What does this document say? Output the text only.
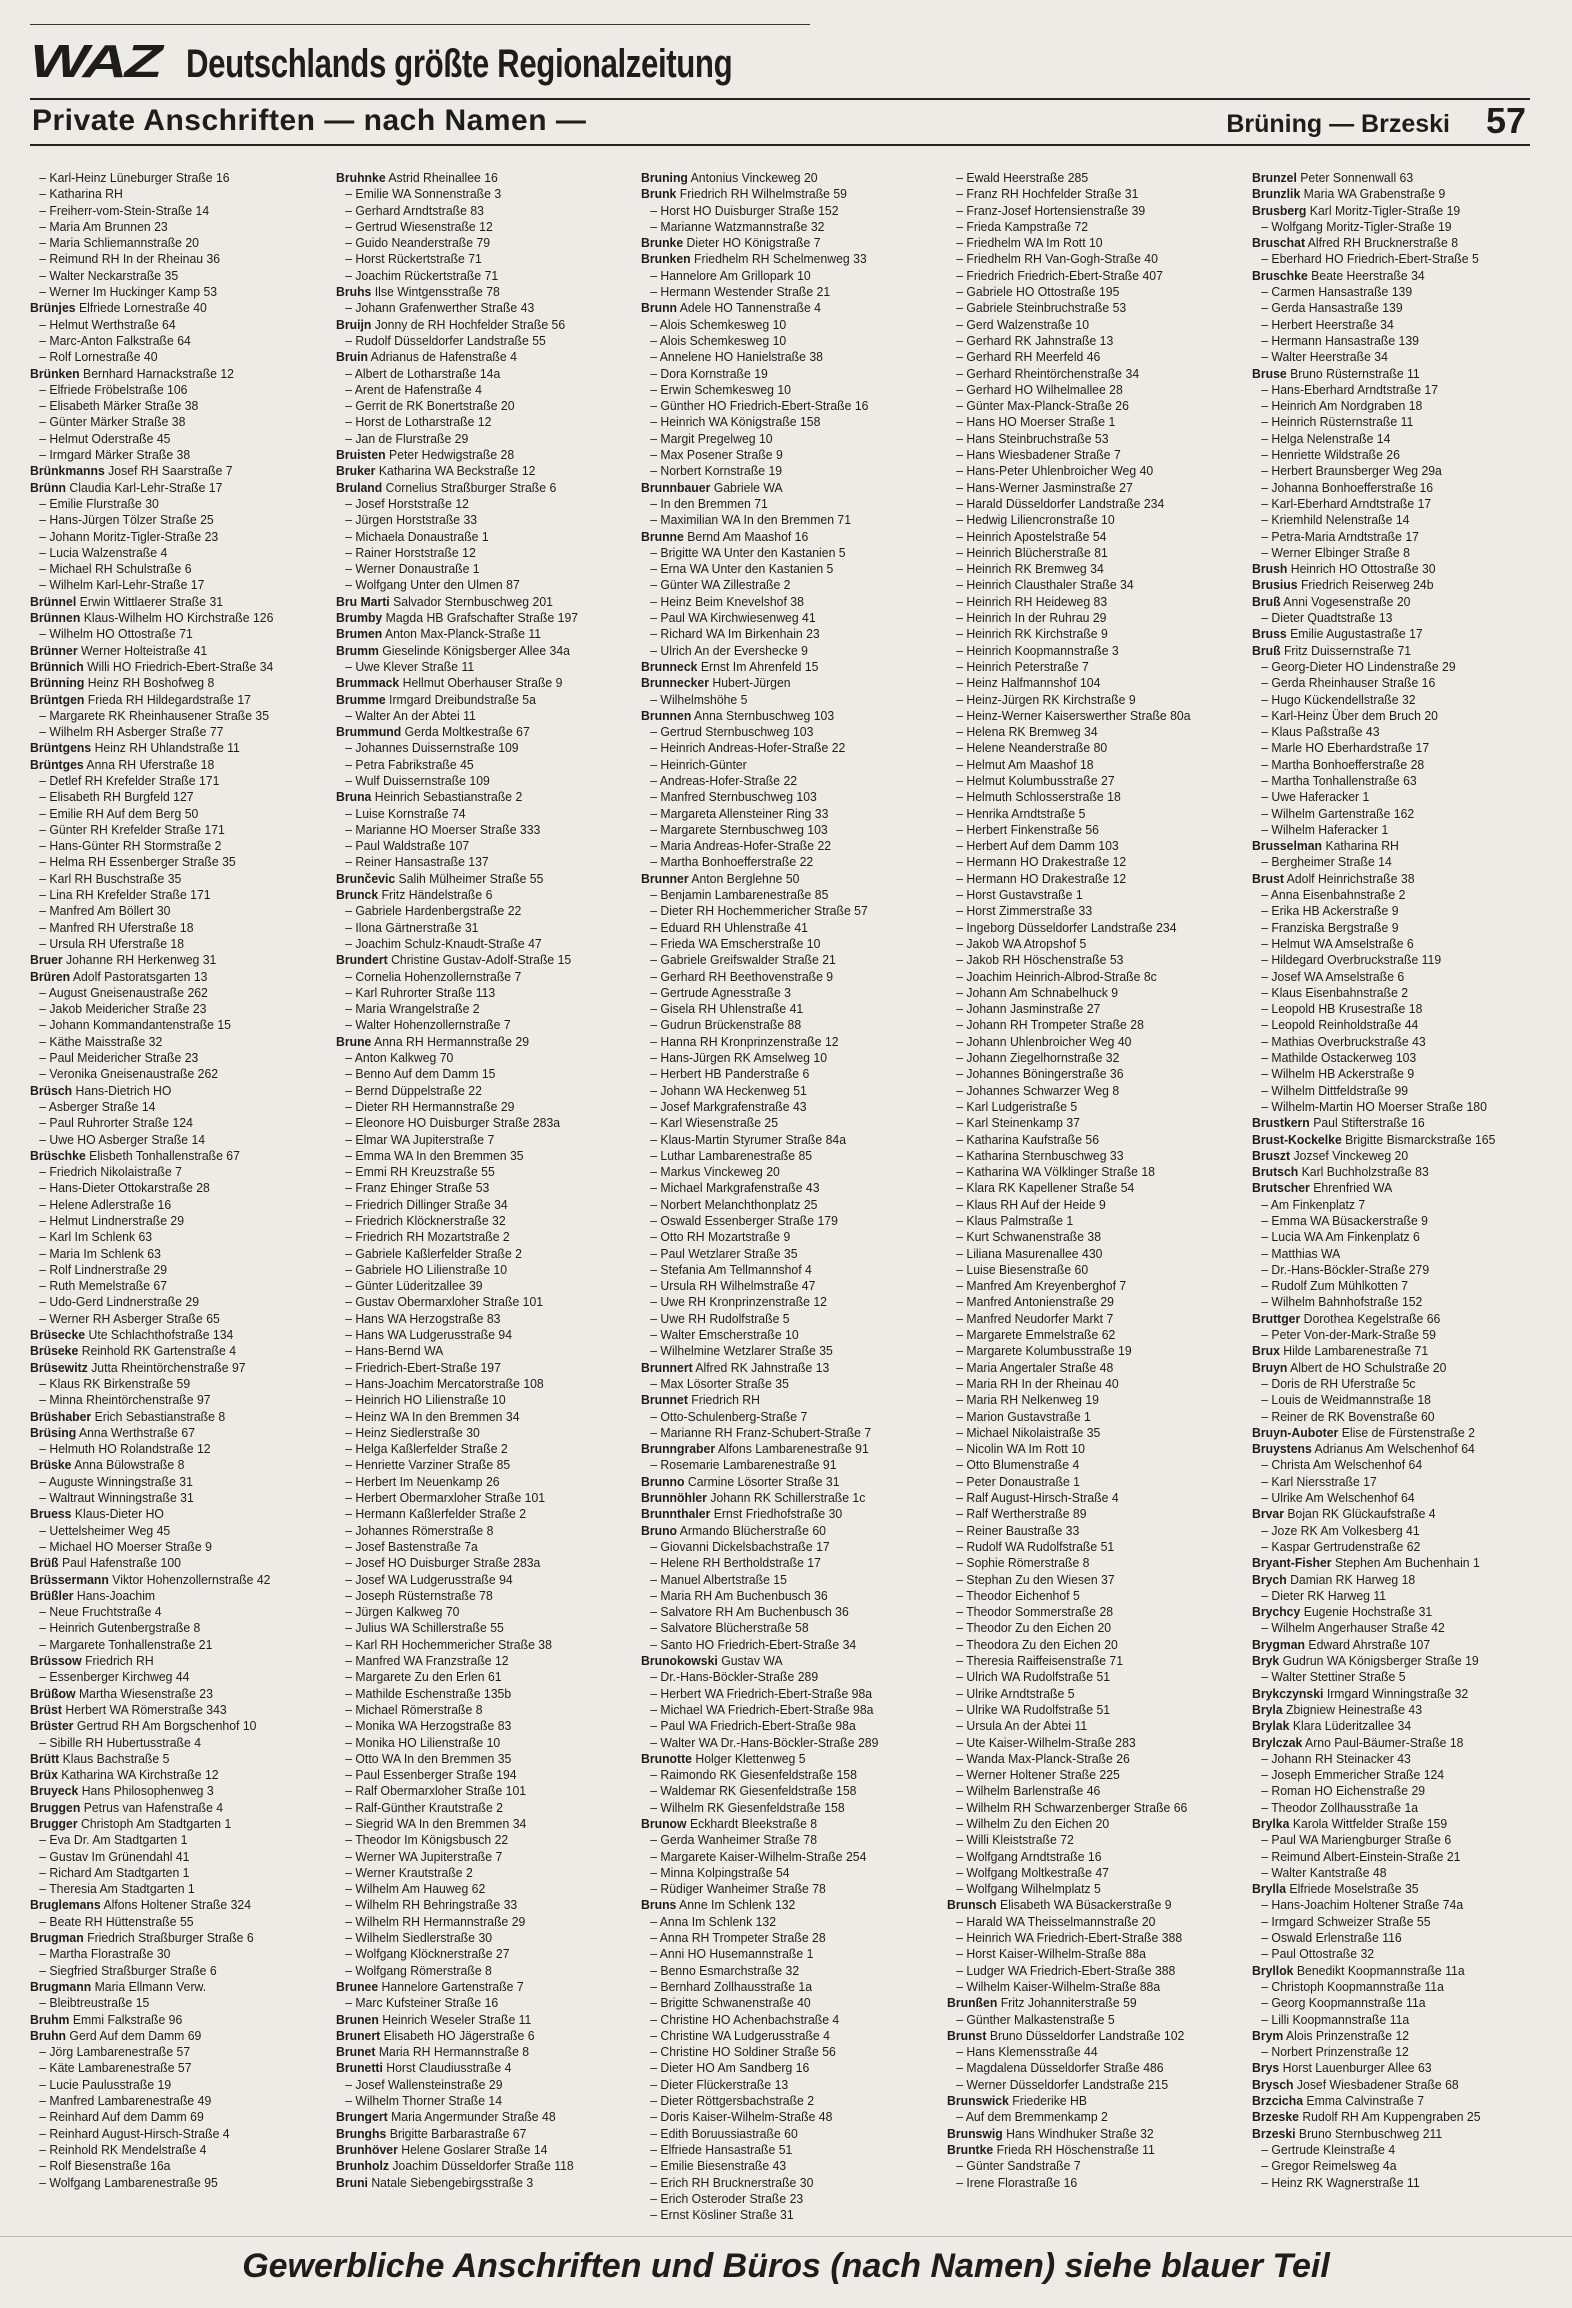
WAZ Deutschlands größte Regionalzeitung
Private Anschriften — nach Namen —	Brüning — Brzeski 57
– Karl-Heinz Lüneburger Straße 16
– Katharina RH
– Freiherr-vom-Stein-Straße 14
– Maria Am Brunnen 23
– Maria Schliemannstraße 20
– Reimund RH In der Rheinau 36
– Walter Neckarstraße 35
– Werner Im Huckinger Kamp 53
Brünjes Elfriede Lornestraße 40
– Helmut Werthstraße 64
– Marc-Anton Falkstraße 64
– Rolf Lornestraße 40
Brünken Bernhard Harnackstraße 12
– Elfriede Fröbelstraße 106
– Elisabeth Märker Straße 38
– Günter Märker Straße 38
– Helmut Oderstraße 45
– Irmgard Märker Straße 38
Brünkmanns Josef RH Saarstraße 7
Brünn Claudia Karl-Lehr-Straße 17
– Emilie Flurstraße 30
– Hans-Jürgen Tölzer Straße 25
– Johann Moritz-Tigler-Straße 23
– Lucia Walzenstraße 4
– Michael RH Schulstraße 6
– Wilhelm Karl-Lehr-Straße 17
Brünnel Erwin Wittlaerer Straße 31
Brünnen Klaus-Wilhelm HO Kirchstraße 126
– Wilhelm HO Ottostraße 71
Brünner Werner Holteistraße 41
Brünnich Willi HO Friedrich-Ebert-Straße 34
Brünning Heinz RH Boshofweg 8
Brüntgen Frieda RH Hildegardstraße 17
– Margarete RK Rheinhausener Straße 35
– Wilhelm RH Asberger Straße 77
Brüntgens Heinz RH Uhlandstraße 11
Brüntges Anna RH Uferstraße 18
– Detlef RH Krefelder Straße 171
– Elisabeth RH Burgfeld 127
– Emilie RH Auf dem Berg 50
– Günter RH Krefelder Straße 171
– Hans-Günter RH Stormstraße 2
– Helma RH Essenberger Straße 35
– Karl RH Buschstraße 35
– Lina RH Krefelder Straße 171
– Manfred Am Böllert 30
– Manfred RH Uferstraße 18
– Ursula RH Uferstraße 18
Bruer Johanne RH Herkenweg 31
Brüren Adolf Pastoratsgarten 13
– August Gneisenaustraße 262
– Jakob Meidericher Straße 23
– Johann Kommandantenstraße 15
– Käthe Maisstraße 32
– Paul Meidericher Straße 23
– Veronika Gneisenaustraße 262
Brüsch Hans-Dietrich HO
– Asberger Straße 14
– Paul Ruhrorter Straße 124
– Uwe HO Asberger Straße 14
Brüschke Elisbeth Tonhallenstraße 67
– Friedrich Nikolaistraße 7
– Hans-Dieter Ottokarstraße 28
– Helene Adlerstraße 16
– Helmut Lindnerstraße 29
– Karl Im Schlenk 63
– Maria Im Schlenk 63
– Rolf Lindnerstraße 29
– Ruth Memelstraße 67
– Udo-Gerd Lindnerstraße 29
– Werner RH Asberger Straße 65
Brüsecke Ute Schlachthofstraße 134
Brüseke Reinhold RK Gartenstraße 4
Brüsewitz Jutta Rheintörchenstraße 97
– Klaus RK Birkenstraße 59
– Minna Rheintörchenstraße 97
Brüshaber Erich Sebastianstraße 8
Brüsing Anna Werthstraße 67
– Helmuth HO Rolandstraße 12
Brüske Anna Bülowstraße 8
– Auguste Winningstraße 31
– Waltraut Winningstraße 31
Bruess Klaus-Dieter HO
– Uettelsheimer Weg 45
– Michael HO Moerser Straße 9
Brüß Paul Hafenstraße 100
Brüssermann Viktor Hohenzollernstraße 42
Brüßler Hans-Joachim
– Neue Fruchtstraße 4
– Heinrich Gutenbergstraße 8
– Margarete Tonhallenstraße 21
Brüssow Friedrich RH
– Essenberger Kirchweg 44
Brüßow Martha Wiesenstraße 23
Brüst Herbert WA Römerstraße 343
Brüster Gertrud RH Am Borgschenhof 10
– Sibille RH Hubertusstraße 4
Brütt Klaus Bachstraße 5
Brüx Katharina WA Kirchstraße 12
Bruyeck Hans Philosophenweg 3
Bruggen Petrus van Hafenstraße 4
Brugger Christoph Am Stadtgarten 1
– Eva Dr. Am Stadtgarten 1
– Gustav Im Grünendahl 41
– Richard Am Stadtgarten 1
– Theresia Am Stadtgarten 1
Bruglemans Alfons Holtener Straße 324
– Beate RH Hüttenstraße 55
Brugman Friedrich Straßburger Straße 6
– Martha Florastraße 30
– Siegfried Straßburger Straße 6
Brugmann Maria Ellmann Verw.
– Bleibtreustraße 15
Bruhm Emmi Falkstraße 96
Bruhn Gerd Auf dem Damm 69
– Jörg Lambarenestraße 57
– Käte Lambarenestraße 57
– Lucie Paulusstraße 19
– Manfred Lambarenestraße 49
– Reinhard Auf dem Damm 69
– Reinhard August-Hirsch-Straße 4
– Reinhold RK Mendelstraße 4
– Rolf Biesenstraße 16a
– Wolfgang Lambarenestraße 95
Bruhnke Astrid Rheinallee 16
– Emilie WA Sonnenstraße 3
– Gerhard Arndtstraße 83
– Gertrud Wiesenstraße 12
– Guido Neanderstraße 79
– Horst Rückertstraße 71
– Joachim Rückertstraße 71
Bruhs Ilse Wintgensstraße 78
– Johann Grafenwerther Straße 43
Bruijn Jonny de RH Hochfelder Straße 56
– Rudolf Düsseldorfer Landstraße 55
Bruin Adrianus de Hafenstraße 4
– Albert de Lotharstraße 14a
– Arent de Hafenstraße 4
– Gerrit de RK Bonertstraße 20
– Horst de Lotharstraße 12
– Jan de Flurstraße 29
Bruisten Peter Hedwigstraße 28
Bruker Katharina WA Beckstraße 12
Bruland Cornelius Straßburger Straße 6
– Josef Horststraße 12
– Jürgen Horststraße 33
– Michaela Donaustraße 1
– Rainer Horststraße 12
– Werner Donaustraße 1
– Wolfgang Unter den Ulmen 87
Bru Marti Salvador Sternbuschweg 201
Brumby Magda HB Grafschafter Straße 197
Brumen Anton Max-Planck-Straße 11
Brumm Gieselinde Königsberger Allee 34a
– Uwe Klever Straße 11
Brummack Hellmut Oberhauser Straße 9
Brumme Irmgard Dreibundstraße 5a
– Walter An der Abtei 11
Brummund Gerda Moltkestraße 67
– Johannes Duissernstraße 109
– Petra Fabrikstraße 45
– Wulf Duissernstraße 109
Bruna Heinrich Sebastianstraße 2
– Luise Kornstraße 74
– Marianne HO Moerser Straße 333
– Paul Waldstraße 107
– Reiner Hansastraße 137
Brunčevic Salih Mülheimer Straße 55
Brunck Fritz Händelstraße 6
– Gabriele Hardenbergstraße 22
– Ilona Gärtnerstraße 31
– Joachim Schulz-Knaudt-Straße 47
Brundert Christine Gustav-Adolf-Straße 15
– Cornelia Hohenzollernstraße 7
– Karl Ruhrorter Straße 113
– Maria Wrangelstraße 2
– Walter Hohenzollernstraße 7
Brune Anna RH Hermannstraße 29
– Anton Kalkweg 70
– Benno Auf dem Damm 15
– Bernd Düppelstraße 22
– Dieter RH Hermannstraße 29
– Eleonore HO Duisburger Straße 283a
– Elmar WA Jupiterstraße 7
– Emma WA In den Bremmen 35
– Emmi RH Kreuzstraße 55
– Franz Ehinger Straße 53
– Friedrich Dillinger Straße 34
– Friedrich Klöcknerstraße 32
– Friedrich RH Mozartstraße 2
– Gabriele Kaßlerfelder Straße 2
– Gabriele HO Lilienstraße 10
– Günter Lüderitzallee 39
– Gustav Obermarxloher Straße 101
– Hans WA Herzogstraße 83
– Hans WA Ludgerusstraße 94
– Hans-Bernd WA
– Friedrich-Ebert-Straße 197
– Hans-Joachim Mercatorstraße 108
– Heinrich HO Lilienstraße 10
– Heinz WA In den Bremmen 34
– Heinz Siedlerstraße 30
– Helga Kaßlerfelder Straße 2
– Henriette Varziner Straße 85
– Herbert Im Neuenkamp 26
– Herbert Obermarxloher Straße 101
– Hermann Kaßlerfelder Straße 2
– Johannes Römerstraße 8
– Josef Bastenstraße 7a
– Josef HO Duisburger Straße 283a
– Josef WA Ludgerusstraße 94
– Joseph Rüsternstraße 78
– Jürgen Kalkweg 70
– Julius WA Schillerstraße 55
– Karl RH Hochemmericher Straße 38
– Manfred WA Franzstraße 12
– Margarete Zu den Erlen 61
– Mathilde Eschenstraße 135b
– Michael Römerstraße 8
– Monika WA Herzogstraße 83
– Monika HO Lilienstraße 10
– Otto WA In den Bremmen 35
– Paul Essenberger Straße 194
– Ralf Obermarxloher Straße 101
– Ralf-Günther Krautstraße 2
– Siegrid WA In den Bremmen 34
– Theodor Im Königsbusch 22
– Werner WA Jupiterstraße 7
– Werner Krautstraße 2
– Wilhelm Am Hauweg 62
– Wilhelm RH Behringstraße 33
– Wilhelm RH Hermannstraße 29
– Wilhelm Siedlerstraße 30
– Wolfgang Klöcknerstraße 27
– Wolfgang Römerstraße 8
Brunee Hannelore Gartenstraße 7
– Marc Kufsteiner Straße 16
Brunen Heinrich Weseler Straße 11
Brunert Elisabeth HO Jägerstraße 6
Brunet Maria RH Hermannstraße 8
Brunetti Horst Claudiusstraße 4
– Josef Wallensteinstraße 29
– Wilhelm Thorner Straße 14
Brungert Maria Angermunder Straße 48
Brunghs Brigitte Barbarastraße 67
Brunhöver Helene Goslarer Straße 14
Brunholz Joachim Düsseldorfer Straße 118
Bruni Natale Siebengebirgsstraße 3
Bruning Antonius Vinckeweg 20
Brunk Friedrich RH Wilhelmstraße 59
– Horst HO Duisburger Straße 152
– Marianne Watzmannstraße 32
Brunke Dieter HO Königstraße 7
Brunken Friedhelm RH Schelmenweg 33
– Hannelore Am Grillopark 10
– Hermann Westender Straße 21
Brunn Adele HO Tannenstraße 4
– Alois Schemkesweg 10
– Alois Schemkesweg 10
– Annelene HO Hanielstraße 38
– Dora Kornstraße 19
– Erwin Schemkesweg 10
– Günther HO Friedrich-Ebert-Straße 16
– Heinrich WA Königstraße 158
– Margit Pregelweg 10
– Max Posener Straße 9
– Norbert Kornstraße 19
Brunnbauer Gabriele WA
– In den Bremmen 71
– Maximilian WA In den Bremmen 71
Brunne Bernd Am Maashof 16
– Brigitte WA Unter den Kastanien 5
– Erna WA Unter den Kastanien 5
– Günter WA Zillestraße 2
– Heinz Beim Knevelshof 38
– Paul WA Kirchwiesenweg 41
– Richard WA Im Birkenhain 23
– Ulrich An der Evershecke 9
Brunneck Ernst Im Ahrenfeld 15
Brunnecker Hubert-Jürgen
– Wilhelmshöhe 5
Brunnen Anna Sternbuschweg 103
– Gertrud Sternbuschweg 103
– Heinrich Andreas-Hofer-Straße 22
– Heinrich-Günter
– Andreas-Hofer-Straße 22
– Manfred Sternbuschweg 103
– Margareta Allensteiner Ring 33
– Margarete Sternbuschweg 103
– Maria Andreas-Hofer-Straße 22
– Martha Bonhoefferstraße 22
Brunner Anton Berglehne 50
– Benjamin Lambarenestraße 85
– Dieter RH Hochemmericher Straße 57
– Eduard RH Uhlenstraße 41
– Frieda WA Emscherstraße 10
– Gabriele Greifswalder Straße 21
– Gerhard RH Beethovenstraße 9
– Gertrude Agnesstraße 3
– Gisela RH Uhlenstraße 41
– Gudrun Brückenstraße 88
– Hanna RH Kronprinzenstraße 12
– Hans-Jürgen RK Amselweg 10
– Herbert HB Panderstraße 6
– Johann WA Heckenweg 51
– Josef Markgrafenstraße 43
– Karl Wiesenstraße 25
– Klaus-Martin Styrumer Straße 84a
– Luthar Lambarenestraße 85
– Markus Vinckeweg 20
– Michael Markgrafenstraße 43
– Norbert Melanchthonplatz 25
– Oswald Essenberger Straße 179
– Otto RH Mozartstraße 9
– Paul Wetzlarer Straße 35
– Stefania Am Tellmannshof 4
– Ursula RH Wilhelmstraße 47
– Uwe RH Kronprinzenstraße 12
– Uwe RH Rudolfstraße 5
– Walter Emscherstraße 10
– Wilhelmine Wetzlarer Straße 35
Brunnert Alfred RK Jahnstraße 13
– Max Lösorter Straße 35
Brunnet Friedrich RH
– Otto-Schulenberg-Straße 7
– Marianne RH Franz-Schubert-Straße 7
Brunngraber Alfons Lambarenestraße 91
– Rosemarie Lambarenestraße 91
Brunno Carmine Lösorter Straße 31
Brunnöhler Johann RK Schillerstraße 1c
Brunnthaler Ernst Friedhofstraße 30
Bruno Armando Blücherstraße 60
– Giovanni Dickelsbachstraße 17
– Helene RH Bertholdstraße 17
– Manuel Albertstraße 15
– Maria RH Am Buchenbusch 36
– Salvatore RH Am Buchenbusch 36
– Salvatore Blücherstraße 58
– Santo HO Friedrich-Ebert-Straße 34
Brunokowski Gustav WA
– Dr.-Hans-Böckler-Straße 289
– Herbert WA Friedrich-Ebert-Straße 98a
– Michael WA Friedrich-Ebert-Straße 98a
– Paul WA Friedrich-Ebert-Straße 98a
– Walter WA Dr.-Hans-Böckler-Straße 289
Brunotte Holger Klettenweg 5
– Raimondo RK Giesenfeldstraße 158
– Waldemar RK Giesenfeldstraße 158
– Wilhelm RK Giesenfeldstraße 158
Brunow Eckhardt Bleekstraße 8
– Gerda Wanheimer Straße 78
– Margarete Kaiser-Wilhelm-Straße 254
– Minna Kolpingstraße 54
– Rüdiger Wanheimer Straße 78
Bruns Anne Im Schlenk 132
– Anna Im Schlenk 132
– Anna RH Trompeter Straße 28
– Anni HO Husemannstraße 1
– Benno Esmarchstraße 32
– Bernhard Zollhausstraße 1a
– Brigitte Schwanenstraße 40
– Christine HO Achenbachstraße 4
– Christine WA Ludgerusstraße 4
– Christine HO Soldiner Straße 56
– Dieter HO Am Sandberg 16
– Dieter Flückerstraße 13
– Dieter Röttgersbachstraße 2
– Doris Kaiser-Wilhelm-Straße 48
– Edith Boruussiastraße 60
– Elfriede Hansastraße 51
– Emilie Biesenstraße 43
– Erich RH Brucknerstraße 30
– Erich Osteroder Straße 23
– Ernst Kösliner Straße 31
– Ewald Heerstraße 285
– Franz RH Hochfelder Straße 31
– Franz-Josef Hortensienstraße 39
– Frieda Kampstraße 72
– Friedhelm WA Im Rott 10
– Friedhelm RH Van-Gogh-Straße 40
– Friedrich Friedrich-Ebert-Straße 407
– Gabriele HO Ottostraße 195
– Gabriele Steinbruchstraße 53
– Gerd Walzenstraße 10
– Gerhard RK Jahnstraße 13
– Gerhard RH Meerfeld 46
– Gerhard Rheintörchenstraße 34
– Gerhard HO Wilhelmallee 28
– Günter Max-Planck-Straße 26
– Hans HO Moerser Straße 1
– Hans Steinbruchstraße 53
– Hans Wiesbadener Straße 7
– Hans-Peter Uhlenbroicher Weg 40
– Hans-Werner Jasminstraße 27
– Harald Düsseldorfer Landstraße 234
– Hedwig Liliencronstraße 10
– Heinrich Apostelstraße 54
– Heinrich Blücherstraße 81
– Heinrich RK Bremweg 34
– Heinrich Clausthaler Straße 34
– Heinrich RH Heideweg 83
– Heinrich In der Ruhrau 29
– Heinrich RK Kirchstraße 9
– Heinrich Koopmannstraße 3
– Heinrich Peterstraße 7
– Heinz Halfmannshof 104
– Heinz-Jürgen RK Kirchstraße 9
– Heinz-Werner Kaiserswerther Straße 80a
– Helena RK Bremweg 34
– Helene Neanderstraße 80
– Helmut Am Maashof 18
– Helmut Kolumbusstraße 27
– Helmuth Schlosserstraße 18
– Henrika Arndtstraße 5
– Herbert Finkenstraße 56
– Herbert Auf dem Damm 103
– Hermann HO Drakestraße 12
– Hermann HO Drakestraße 12
– Horst Gustavstraße 1
– Horst Zimmerstraße 33
– Ingeborg Düsseldorfer Landstraße 234
– Jakob WA Atropshof 5
– Jakob RH Höschenstraße 53
– Joachim Heinrich-Albrod-Straße 8c
– Johann Am Schnabelhuck 9
– Johann Jasminstraße 27
– Johann RH Trompeter Straße 28
– Johann Uhlenbroicher Weg 40
– Johann Ziegelhornstraße 32
– Johannes Böningerstraße 36
– Johannes Schwarzer Weg 8
– Karl Ludgeristraße 5
– Karl Steinenkamp 37
– Katharina Kaufstraße 56
– Katharina Sternbuschweg 33
– Katharina WA Völklinger Straße 18
– Klara RK Kapellener Straße 54
– Klaus RH Auf der Heide 9
– Klaus Palmstraße 1
– Kurt Schwanenstraße 38
– Liliana Masurenallee 430
– Luise Biesenstraße 60
– Manfred Am Kreyenberghof 7
– Manfred Antonienstraße 29
– Manfred Neudorfer Markt 7
– Margarete Emmelstraße 62
– Margarete Kolumbusstraße 19
– Maria Angertaler Straße 48
– Maria RH In der Rheinau 40
– Maria RH Nelkenweg 19
– Marion Gustavstraße 1
– Michael Nikolaistraße 35
– Nicolin WA Im Rott 10
– Otto Blumenstraße 4
– Peter Donaustraße 1
– Ralf August-Hirsch-Straße 4
– Ralf Wertherstraße 89
– Reiner Baustraße 33
– Rudolf WA Rudolfstraße 51
– Sophie Römerstraße 8
– Stephan Zu den Wiesen 37
– Theodor Eichenhof 5
– Theodor Sommerstraße 28
– Theodor Zu den Eichen 20
– Theodora Zu den Eichen 20
– Theresia Raiffeisenstraße 71
– Ulrich WA Rudolfstraße 51
– Ulrike Arndtstraße 5
– Ulrike WA Rudolfstraße 51
– Ursula An der Abtei 11
– Ute Kaiser-Wilhelm-Straße 283
– Wanda Max-Planck-Straße 26
– Werner Holtener Straße 225
– Wilhelm Barlenstraße 46
– Wilhelm RH Schwarzenberger Straße 66
– Wilhelm Zu den Eichen 20
– Willi Kleiststraße 72
– Wolfgang Arndtstraße 16
– Wolfgang Moltkestraße 47
– Wolfgang Wilhelmplatz 5
Brunsch Elisabeth WA Büsackerstraße 9
– Harald WA Theisselmannstraße 20
– Heinrich WA Friedrich-Ebert-Straße 388
– Horst Kaiser-Wilhelm-Straße 88a
– Ludger WA Friedrich-Ebert-Straße 388
– Wilhelm Kaiser-Wilhelm-Straße 88a
Brunßen Fritz Johanniterstraße 59
– Günther Malkastenstraße 5
Brunst Bruno Düsseldorfer Landstraße 102
– Hans Klemensstraße 44
– Magdalena Düsseldorfer Straße 486
– Werner Düsseldorfer Landstraße 215
Brunswick Friederike HB
– Auf dem Bremmenkamp 2
Brunswig Hans Windhuker Straße 32
Bruntke Frieda RH Höschenstraße 11
– Günter Sandstraße 7
– Irene Florastraße 16
Brunzel Peter Sonnenwall 63
Brunzlik Maria WA Grabenstraße 9
Brusberg Karl Moritz-Tigler-Straße 19
– Wolfgang Moritz-Tigler-Straße 19
Bruschat Alfred RH Brucknerstraße 8
– Eberhard HO Friedrich-Ebert-Straße 5
Bruschke Beate Heerstraße 34
– Carmen Hansastraße 139
– Gerda Hansastraße 139
– Herbert Heerstraße 34
– Hermann Hansastraße 139
– Walter Heerstraße 34
Bruse Bruno Rüsternstraße 11
– Hans-Eberhard Arndtstraße 17
– Heinrich Am Nordgraben 18
– Heinrich Rüsternstraße 11
– Helga Nelenstraße 14
– Henriette Wildstraße 26
– Herbert Braunsberger Weg 29a
– Johanna Bonhoefferstraße 16
– Karl-Eberhard Arndtstraße 17
– Kriemhild Nelenstraße 14
– Petra-Maria Arndtstraße 17
– Werner Elbinger Straße 8
Brush Heinrich HO Ottostraße 30
Brusius Friedrich Reiserweg 24b
Bruß Anni Vogesenstraße 20
– Dieter Quadtstraße 13
Bruss Emilie Augustastraße 17
Bruß Fritz Duissernstraße 71
– Georg-Dieter HO Lindenstraße 29
– Gerda Rheinhauser Straße 16
– Hugo Kückendellstraße 32
– Karl-Heinz Über dem Bruch 20
– Klaus Paßstraße 43
– Marle HO Eberhardstraße 17
– Martha Bonhoefferstraße 28
– Martha Tonhallenstraße 63
– Uwe Haferacker 1
– Wilhelm Gartenstraße 162
– Wilhelm Haferacker 1
Brusselman Katharina RH
– Bergheimer Straße 14
Brust Adolf Heinrichstraße 38
– Anna Eisenbahnstraße 2
– Erika HB Ackerstraße 9
– Franziska Bergstraße 9
– Helmut WA Amselstraße 6
– Hildegard Overbruckstraße 119
– Josef WA Amselstraße 6
– Klaus Eisenbahnstraße 2
– Leopold HB Krusestraße 18
– Leopold Reinholdstraße 44
– Mathias Overbruckstraße 43
– Mathilde Ostackerweg 103
– Wilhelm HB Ackerstraße 9
– Wilhelm Dittfeldstraße 99
– Wilhelm-Martin HO Moerser Straße 180
Brustkern Paul Stifterstraße 16
Brust-Kockelke Brigitte Bismarckstraße 165
Bruszt Jozsef Vinckeweg 20
Brutsch Karl Buchholzstraße 83
Brutscher Ehrenfried WA
– Am Finkenplatz 7
– Emma WA Büsackerstraße 9
– Lucia WA Am Finkenplatz 6
– Matthias WA
– Dr.-Hans-Böckler-Straße 279
– Rudolf Zum Mühlkotten 7
– Wilhelm Bahnhofstraße 152
Bruttger Dorothea Kegelstraße 66
– Peter Von-der-Mark-Straße 59
Brux Hilde Lambarenestraße 71
Bruyn Albert de HO Schulstraße 20
– Doris de RH Uferstraße 5c
– Louis de Weidmannstraße 18
– Reiner de RK Bovenstraße 60
Bruyn-Auboter Elise de Fürstenstraße 2
Bruystens Adrianus Am Welschenhof 64
– Christa Am Welschenhof 64
– Karl Niersstraße 17
– Ulrike Am Welschenhof 64
Brvar Bojan RK Glückaufstraße 4
– Joze RK Am Volkesberg 41
– Kaspar Gertrudenstraße 62
Bryant-Fisher Stephen Am Buchenhain 1
Brych Damian RK Harweg 18
– Dieter RK Harweg 11
Brychcy Eugenie Hochstraße 31
– Wilhelm Angerhauser Straße 42
Brygman Edward Ahrstraße 107
Bryk Gudrun WA Königsberger Straße 19
– Walter Stettiner Straße 5
Brykczynski Irmgard Winningstraße 32
Bryla Zbigniew Heinestraße 43
Brylak Klara Lüderitzallee 34
Brylczak Arno Paul-Bäumer-Straße 18
– Johann RH Steinacker 43
– Joseph Emmericher Straße 124
– Roman HO Eichenstraße 29
– Theodor Zollhausstraße 1a
Brylka Karola Wittfelder Straße 159
– Paul WA Mariengburger Straße 6
– Reimund Albert-Einstein-Straße 21
– Walter Kantstraße 48
Brylla Elfriede Moselstraße 35
– Hans-Joachim Holtener Straße 74a
– Irmgard Schweizer Straße 55
– Oswald Erlenstraße 116
– Paul Ottostraße 32
Bryllok Benedikt Koopmannstraße 11a
– Christoph Koopmannstraße 11a
– Georg Koopmannstraße 11a
– Lilli Koopmannstraße 11a
Brym Alois Prinzenstraße 12
– Norbert Prinzenstraße 12
Brys Horst Lauenburger Allee 63
Brysch Josef Wiesbadener Straße 68
Brzcicha Emma Calvinstraße 7
Brzeske Rudolf RH Am Kuppengraben 25
Brzeski Bruno Sternbuschweg 211
– Gertrude Kleinstraße 4
– Gregor Reimelsweg 4a
– Heinz RK Wagnerstraße 11
Gewerbliche Anschriften und Büros (nach Namen) siehe blauer Teil
